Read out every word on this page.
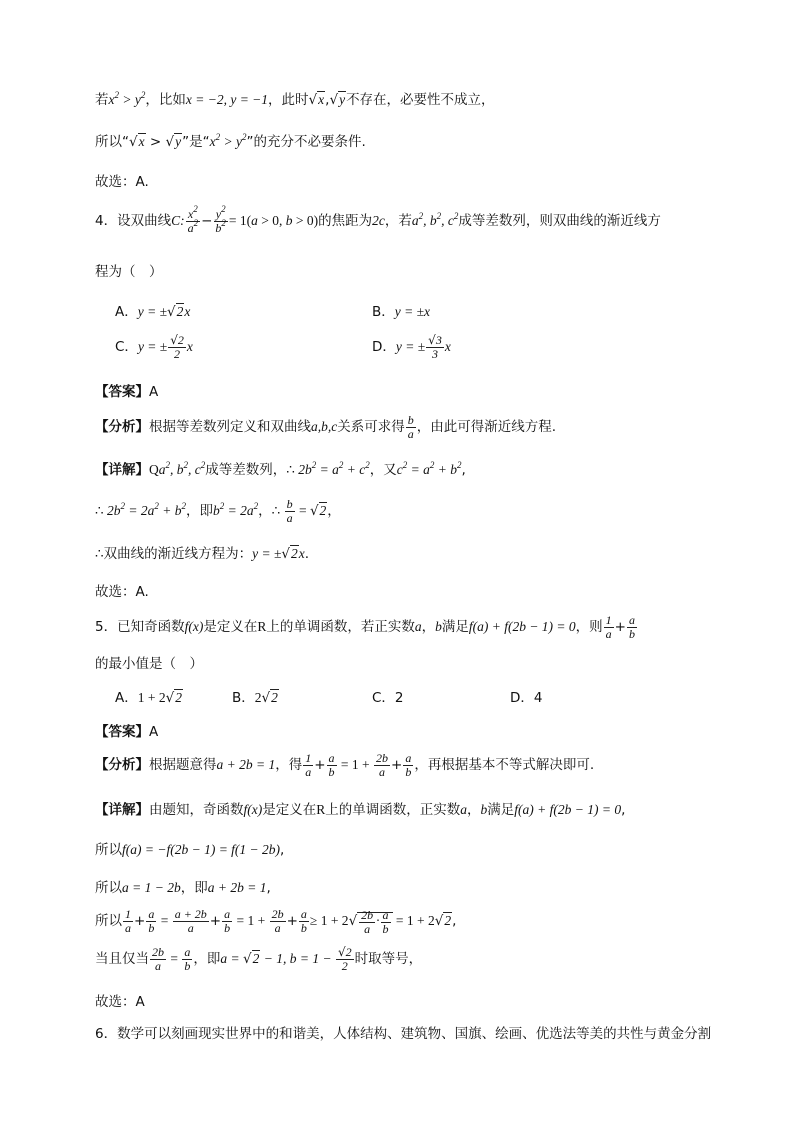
若$x^2 > y^2$，比如x = −2, y = −1，此时√x,√y不存在，必要性不成立，
所以“√x > √y”是“$x^2 > y^2$”的充分不必要条件.
故选：A.
4．设双曲线C: $\frac{x^2}{a^2} - \frac{y^2}{b^2} = 1(a > 0$, b > 0)的焦距为2c，若$a^2$, $b^2$, $c^2$成等差数列，则双曲线的渐近线方
程为（　）
A．y = ±√2x	B．y = ±x
C．y = ± $\frac{√2}{2}$ x	D．y = ± $\frac{√3}{3}$ x
【答案】A
【分析】根据等差数列定义和双曲线a,b,c关系可求得 $\frac{b}{a}$ ，由此可得渐近线方程.
【详解】Qa$^2$, $b^2$, $c^2$成等差数列，∴ $2b^2 = a^2 + c^2$，又$c^2 = a^2 + b^2$,
∴ $2b^2 = 2a^2 + b^2$，即$b^2 = 2a^2$，∴ $\frac{b}{a} = √2$，
∴双曲线的渐近线方程为：y = ±√2x.
故选：A.
5．已知奇函数f(x)是定义在R上的单调函数，若正实数a，b满足f(a) + f(2b − 1) = 0，则 $\frac{1}{a} + \frac{a}{b}$
的最小值是（　）
A．1 + 2√2	B．2√2	C．2	D．4
【答案】A
【分析】根据题意得a + 2b = 1，得 $\frac{1}{a} + \frac{a}{b} = 1 + \frac{2b}{a} + \frac{a}{b}$ ，再根据基本不等式解决即可.
【详解】由题知，奇函数f(x)是定义在R上的单调函数，正实数a，b满足f(a) + f(2b − 1) = 0,
所以f(a) = −f(2b − 1) = f(1 − 2b),
所以a = 1 − 2b，即a + 2b = 1,
所以 $\frac{1}{a} + \frac{a}{b} = \frac{a + 2b}{a} + \frac{a}{b} = 1 + \frac{2b}{a} + \frac{a}{b} \ge 1 + 2√ \frac{2b}{a} \cdot \frac{a}{b} = 1 + 2√2$,
当且仅当 $\frac{2b}{a} = \frac{a}{b}$ ，即a = √2 − 1, $b = 1 - \frac{√2}{2}$ 时取等号，
故选：A
6．数学可以刻画现实世界中的和谐美，人体结构、建筑物、国旗、绘画、优选法等美的共性与黄金分割
